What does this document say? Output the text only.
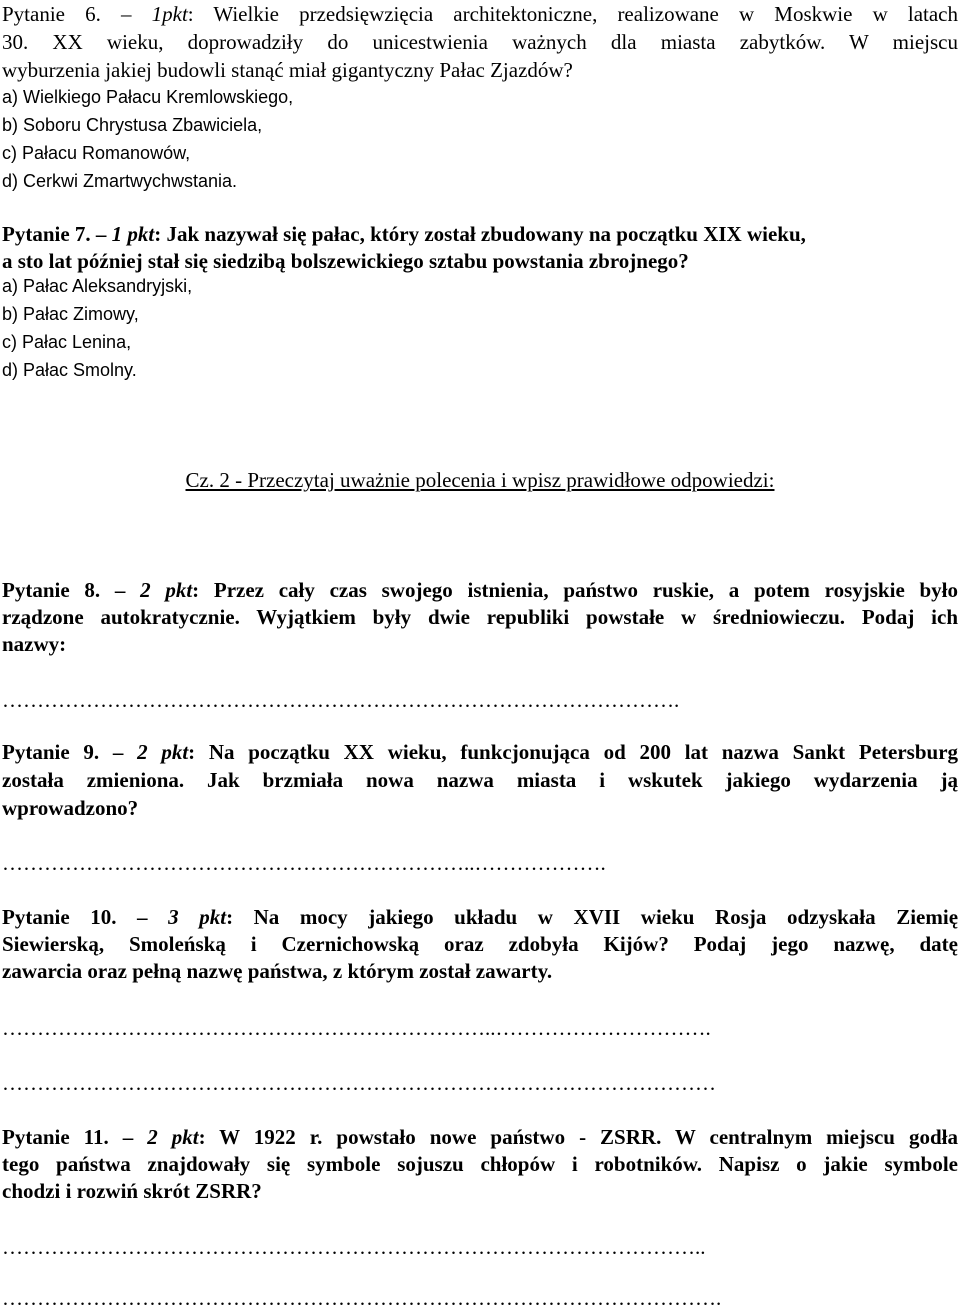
Pytanie 6. – 1pkt: Wielkie przedsięwzięcia architektoniczne, realizowane w Moskwie w latach
30. XX wieku, doprowadziły do unicestwienia ważnych dla miasta zabytków. W miejscu
wyburzenia jakiej budowli stanąć miał gigantyczny Pałac Zjazdów?
a) Wielkiego Pałacu Kremlowskiego,
b) Soboru Chrystusa Zbawiciela,
c) Pałacu Romanowów,
d) Cerkwi Zmartwychwstania.
Pytanie 7. – 1 pkt: Jak nazywał się pałac, który został zbudowany na początku XIX wieku,
a sto lat później stał się siedzibą bolszewickiego sztabu powstania zbrojnego?
a) Pałac Aleksandryjski,
b) Pałac Zimowy,
c) Pałac Lenina,
d) Pałac Smolny.
Cz. 2 - Przeczytaj uważnie polecenia i wpisz prawidłowe odpowiedzi:
Pytanie 8. – 2 pkt: Przez cały czas swojego istnienia, państwo ruskie, a potem rosyjskie było
rządzone autokratycznie. Wyjątkiem były dwie republiki powstałe w średniowieczu. Podaj ich
nazwy:
…………………………………………………………………………………….
Pytanie 9. – 2 pkt: Na początku XX wieku, funkcjonująca od 200 lat nazwa Sankt Petersburg
została zmieniona. Jak brzmiała nowa nazwa miasta i wskutek jakiego wydarzenia ją
wprowadzono?
…………………………………………………………..……………….
Pytanie 10. – 3 pkt: Na mocy jakiego układu w XVII wieku Rosja odzyskała Ziemię
Siewierską, Smoleńską i Czernichowską oraz zdobyła Kijów? Podaj jego nazwę, datę
zawarcia oraz pełną nazwę państwa, z którym został zawarty.
……………………………………………………………..………………………….
…………………………………………………………………………………………
Pytanie 11. – 2 pkt: W 1922 r. powstało nowe państwo - ZSRR. W centralnym miejscu godła
tego państwa znajdowały się symbole sojuszu chłopów i robotników. Napisz o jakie symbole
chodzi i rozwiń skrót ZSRR?
………………………………………………………………………………………..
………………………………………………………………………………………….
